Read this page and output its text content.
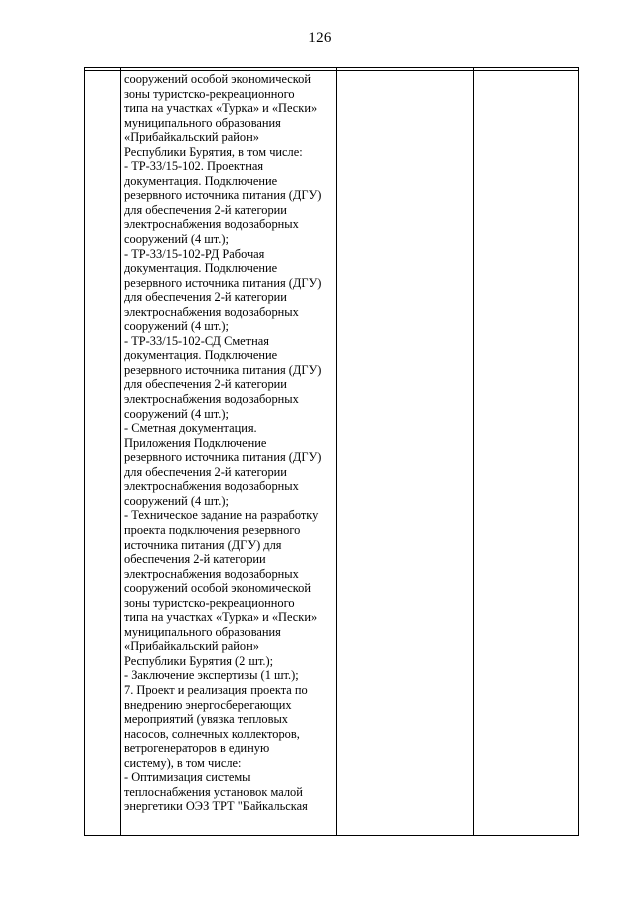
126
сооружений особой экономической
зоны туристско-рекреационного
типа на участках «Турка» и «Пески»
муниципального образования
«Прибайкальский район»
Республики Бурятия, в том числе:
- ТР-33/15-102. Проектная
документация. Подключение
резервного источника питания (ДГУ)
для обеспечения 2-й категории
электроснабжения водозаборных
сооружений (4 шт.);
- ТР-33/15-102-РД Рабочая
документация. Подключение
резервного источника питания (ДГУ)
для обеспечения 2-й категории
электроснабжения водозаборных
сооружений (4 шт.);
- ТР-33/15-102-СД Сметная
документация. Подключение
резервного источника питания (ДГУ)
для обеспечения 2-й категории
электроснабжения водозаборных
сооружений (4 шт.);
- Сметная документация.
Приложения Подключение
резервного источника питания (ДГУ)
для обеспечения 2-й категории
электроснабжения водозаборных
сооружений (4 шт.);
- Техническое задание на разработку
проекта подключения резервного
источника питания (ДГУ) для
обеспечения 2-й категории
электроснабжения водозаборных
сооружений особой экономической
зоны туристско-рекреационного
типа на участках «Турка» и «Пески»
муниципального образования
«Прибайкальский район»
Республики Бурятия (2 шт.);
- Заключение экспертизы (1 шт.);
7. Проект и реализация проекта по
внедрению энергосберегающих
мероприятий (увязка тепловых
насосов, солнечных коллекторов,
ветрогенераторов в единую
систему), в том числе:
- Оптимизация системы
теплоснабжения установок малой
энергетики ОЭЗ ТРТ "Байкальская
